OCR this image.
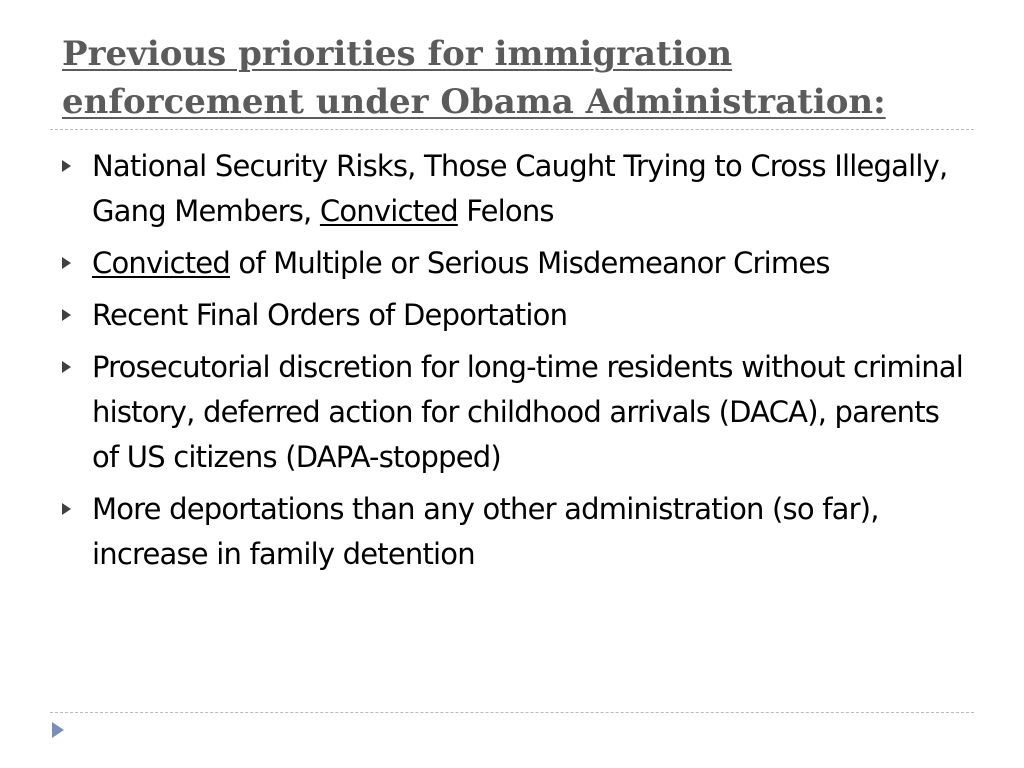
Previous priorities for immigration
enforcement under Obama Administration:
National Security Risks, Those Caught Trying to Cross Illegally, Gang Members, Convicted Felons
Convicted of Multiple or Serious Misdemeanor Crimes
Recent Final Orders of Deportation
Prosecutorial discretion for long-time residents without criminal history, deferred action for childhood arrivals (DACA), parents of US citizens (DAPA-stopped)
More deportations than any other administration (so far), increase in family detention
